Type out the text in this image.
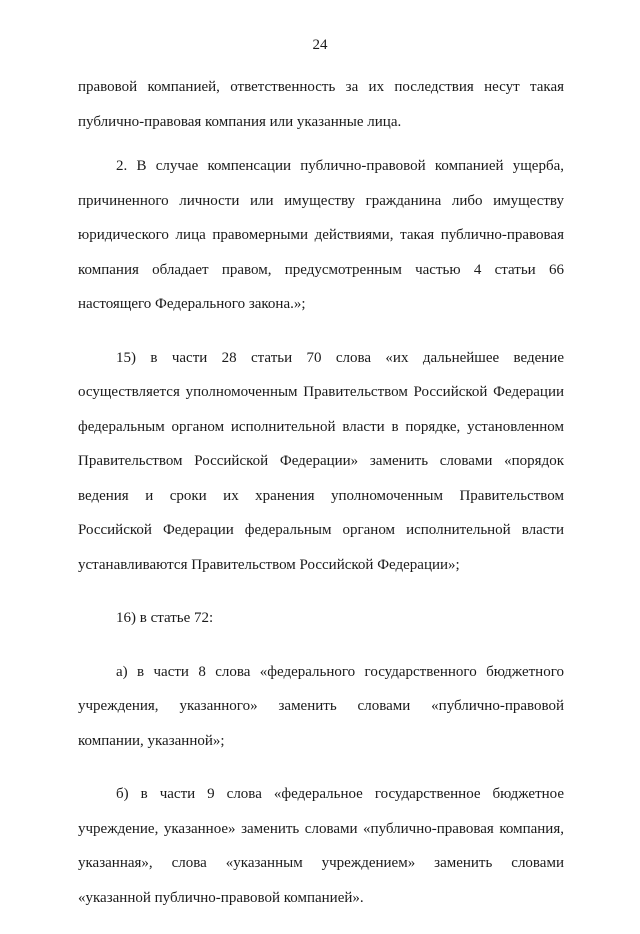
24

правовой компанией, ответственность за их последствия несут такая публично-правовая компания или указанные лица.

2. В случае компенсации публично-правовой компанией ущерба, причиненного личности или имуществу гражданина либо имуществу юридического лица правомерными действиями, такая публично-правовая компания обладает правом, предусмотренным частью 4 статьи 66 настоящего Федерального закона.»;

15) в части 28 статьи 70 слова «их дальнейшее ведение осуществляется уполномоченным Правительством Российской Федерации федеральным органом исполнительной власти в порядке, установленном Правительством Российской Федерации» заменить словами «порядок ведения и сроки их хранения уполномоченным Правительством Российской Федерации федеральным органом исполнительной власти устанавливаются Правительством Российской Федерации»;

16) в статье 72:

а) в части 8 слова «федерального государственного бюджетного учреждения, указанного» заменить словами «публично-правовой компании, указанной»;

б) в части 9 слова «федеральное государственное бюджетное учреждение, указанное» заменить словами «публично-правовая компания, указанная», слова «указанным учреждением» заменить словами «указанной публично-правовой компанией».
